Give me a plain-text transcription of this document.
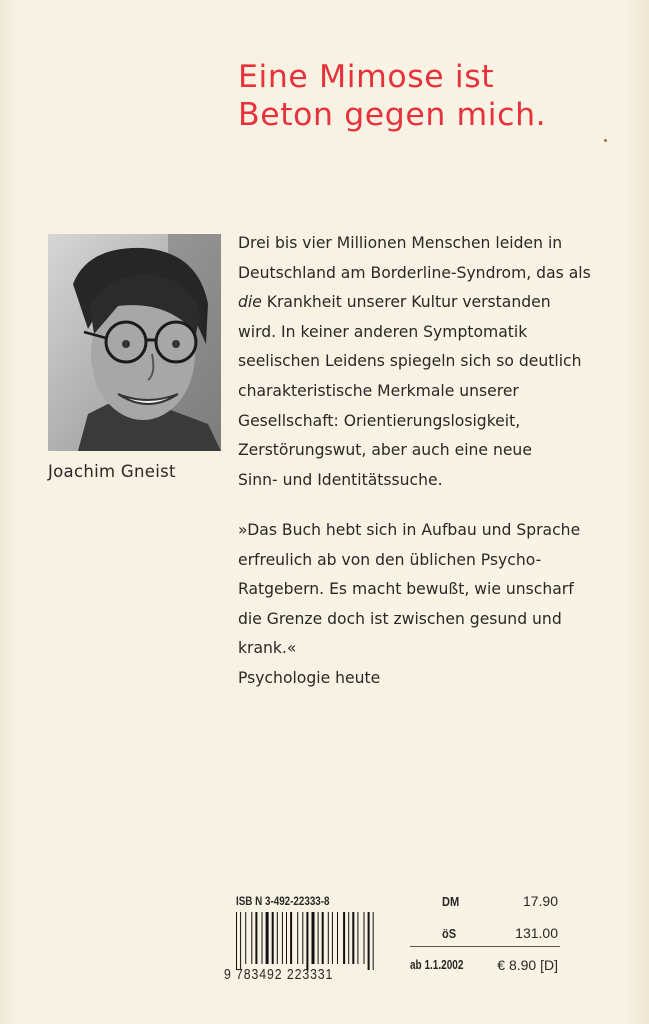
Eine Mimose ist
Beton gegen mich.
Joachim Gneist

Drei bis vier Millionen Menschen leiden in

Deutschland am Borderline-Syndrom, das als

die Krankheit unserer Kultur verstanden

wird. In keiner anderen Symptomatik

seelischen Leidens spiegeln sich so deutlich

charakteristische Merkmale unserer

Gesellschaft: Orientierungslosigkeit,

Zerstörungswut, aber auch eine neue

Sinn- und Identitätssuche.

»Das Buch hebt sich in Aufbau und Sprache

erfreulich ab von den üblichen Psycho-

Ratgebern. Es macht bewußt, wie unscharf

die Grenze doch ist zwischen gesund und

krank.«

Psychologie heute

ISB N 3-492-22333-8
9 783492 223331
DM	17.90
öS	131.00
ab 1.1.2002 € 8.90 [D]
